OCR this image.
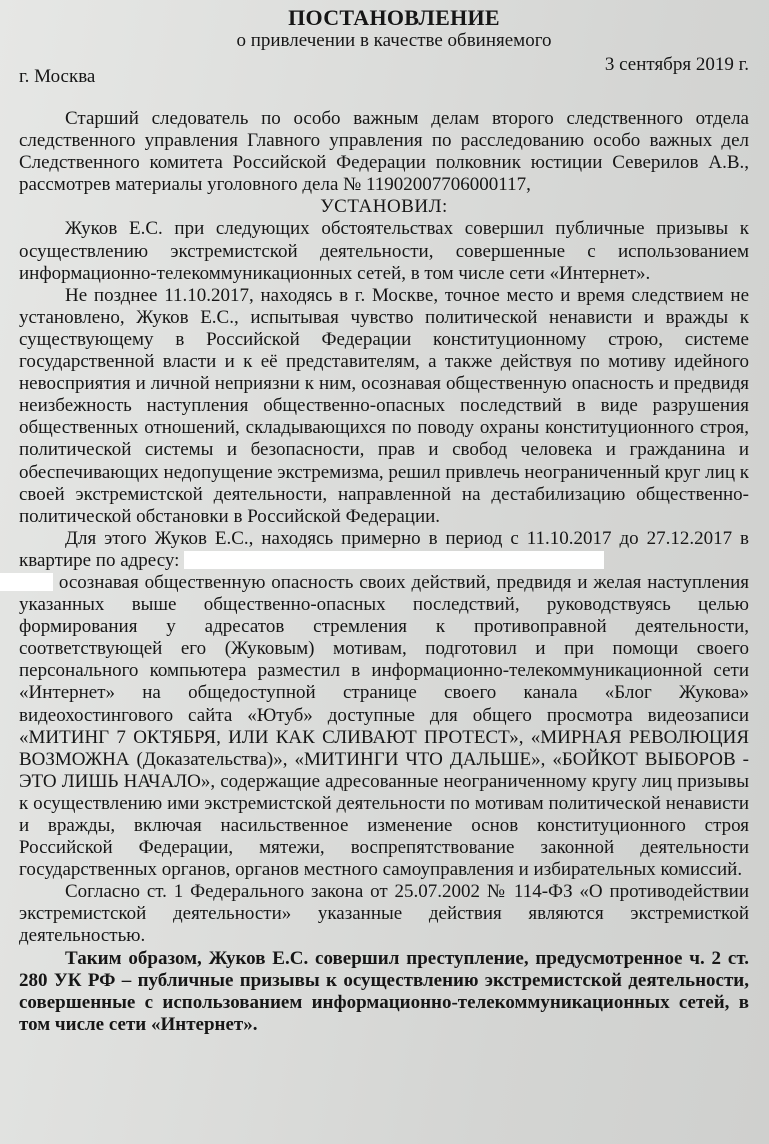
ПОСТАНОВЛЕНИЕ
о привлечении в качестве обвиняемого
3 сентября 2019 г.
г. Москва

Старший следователь по особо важным делам второго следственного отдела следственного управления Главного управления по расследованию особо важных дел Следственного комитета Российской Федерации полковник юстиции Северилов А.В., рассмотрев материалы уголовного дела № 11902007706000117,

УСТАНОВИЛ:

Жуков Е.С. при следующих обстоятельствах совершил публичные призывы к осуществлению экстремистской деятельности, совершенные с использованием информационно-телекоммуникационных сетей, в том числе сети «Интернет».

Не позднее 11.10.2017, находясь в г. Москве, точное место и время следствием не установлено, Жуков Е.С., испытывая чувство политической ненависти и вражды к существующему в Российской Федерации конституционному строю, системе государственной власти и к её представителям, а также действуя по мотиву идейного невосприятия и личной неприязни к ним, осознавая общественную опасность и предвидя неизбежность наступления общественно-опасных последствий в виде разрушения общественных отношений, складывающихся по поводу охраны конституционного строя, политической системы и безопасности, прав и свобод человека и гражданина и обеспечивающих недопущение экстремизма, решил привлечь неограниченный круг лиц к своей экстремистской деятельности, направленной на дестабилизацию общественно-политической обстановки в Российской Федерации.

Для этого Жуков Е.С., находясь примерно в период с 11.10.2017 до 27.12.2017 в квартире по адресу:
осознавая общественную опасность своих действий, предвидя и желая наступления указанных выше общественно-опасных последствий, руководствуясь целью формирования у адресатов стремления к противоправной деятельности, соответствующей его (Жуковым) мотивам, подготовил и при помощи своего персонального компьютера разместил в информационно-телекоммуникационной сети «Интернет» на общедоступной странице своего канала «Блог Жукова» видеохостингового сайта «Ютуб» доступные для общего просмотра видеозаписи «МИТИНГ 7 ОКТЯБРЯ, ИЛИ КАК СЛИВАЮТ ПРОТЕСТ», «МИРНАЯ РЕВОЛЮЦИЯ ВОЗМОЖНА (Доказательства)», «МИТИНГИ ЧТО ДАЛЬШЕ», «БОЙКОТ ВЫБОРОВ - ЭТО ЛИШЬ НАЧАЛО», содержащие адресованные неограниченному кругу лиц призывы к осуществлению ими экстремистской деятельности по мотивам политической ненависти и вражды, включая насильственное изменение основ конституционного строя Российской Федерации, мятежи, воспрепятствование законной деятельности государственных органов, органов местного самоуправления и избирательных комиссий.

Согласно ст. 1 Федерального закона от 25.07.2002 № 114-ФЗ «О противодействии экстремистской деятельности» указанные действия являются экстремисткой деятельностью.

Таким образом, Жуков Е.С. совершил преступление, предусмотренное ч. 2 ст. 280 УК РФ – публичные призывы к осуществлению экстремистской деятельности, совершенные с использованием информационно-телекоммуникационных сетей, в том числе сети «Интернет».
